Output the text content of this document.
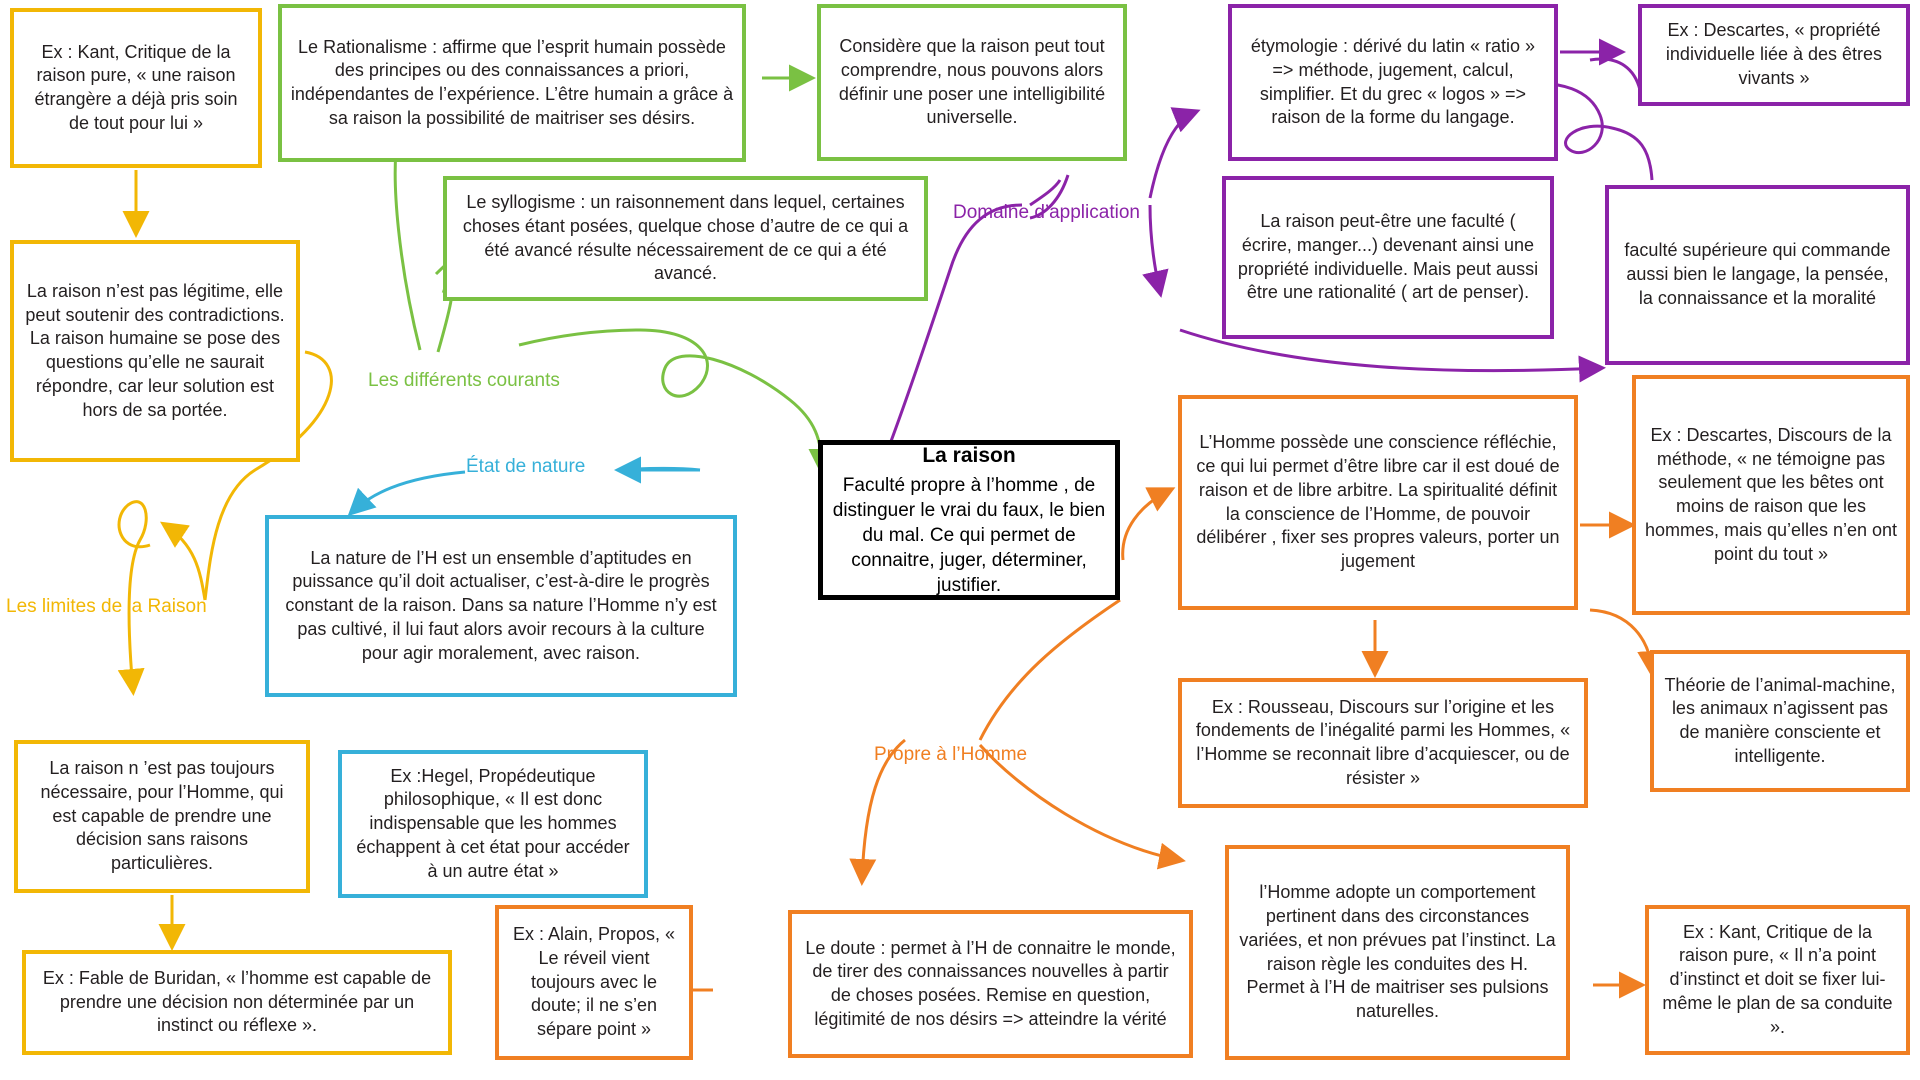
Ex : Kant, Critique de la raison pure, « une raison étrangère a déjà pris soin de tout pour lui »
Le Rationalisme : affirme que l’esprit humain possède des principes ou des connaissances a priori, indépendantes de l’expérience. L’être humain a grâce à sa raison la possibilité de maitriser ses désirs.
Considère que la raison peut tout comprendre, nous pouvons alors définir une poser une intelligibilité universelle.
étymologie : dérivé du latin « ratio » => méthode, jugement, calcul, simplifier. Et du grec « logos » => raison de la forme du langage.
Ex : Descartes, « propriété individuelle liée à des êtres vivants »
La raison n’est pas légitime, elle peut soutenir des contradictions. La raison humaine se pose des questions qu’elle ne saurait répondre, car leur solution est hors de sa portée.
Le syllogisme : un raisonnement dans lequel, certaines choses étant posées, quelque chose d’autre de ce qui a été avancé résulte nécessairement de ce qui a été avancé.
La raison peut-être une faculté ( écrire, manger...) devenant ainsi une propriété individuelle. Mais peut aussi être une rationalité ( art de penser).
faculté supérieure qui commande aussi bien le langage, la pensée, la connaissance et la moralité
L’Homme possède une conscience réfléchie, ce qui lui permet d’être libre car il est doué de raison et de libre arbitre. La spiritualité définit la conscience de l’Homme, de pouvoir délibérer , fixer ses propres valeurs, porter un jugement
Ex : Descartes, Discours de la méthode, « ne témoigne pas seulement que les bêtes ont moins de raison que les hommes, mais qu’elles n’en ont point du tout »
La raison
Faculté propre à l’homme , de distinguer le vrai du faux, le bien du mal. Ce qui permet de connaitre, juger, déterminer, justifier.
La nature de l’H est un ensemble d’aptitudes en puissance qu’il doit actualiser, c’est-à-dire le progrès constant de la raison. Dans sa nature l’Homme n’y est pas cultivé, il lui faut alors avoir recours à la culture pour agir moralement, avec raison.
Ex : Rousseau, Discours sur l’origine et les fondements de l’inégalité parmi les Hommes, « l’Homme se reconnait libre d’acquiescer, ou de résister »
Théorie de l’animal-machine, les animaux n’agissent pas de manière consciente et intelligente.
La raison n ’est pas toujours nécessaire, pour l’Homme, qui est capable de prendre une décision sans raisons particulières.
Ex :Hegel, Propédeutique philosophique, « Il est donc indispensable que les hommes échappent à cet état pour accéder à un autre état »
l’Homme adopte un comportement pertinent dans des circonstances variées, et non prévues pat l’instinct. La raison règle les conduites des H. Permet à l’H de maitriser ses pulsions naturelles.
Ex : Kant, Critique de la raison pure, « Il n’a point d’instinct et doit se fixer lui-même le plan de sa conduite ».
Ex : Fable de Buridan, « l’homme est capable de prendre une décision non déterminée par un instinct ou réflexe ».
Ex : Alain, Propos, « Le réveil vient toujours avec le doute; il ne s’en sépare point »
Le doute : permet à l’H de connaitre le monde, de tirer des connaissances nouvelles à partir de choses posées. Remise en question, légitimité de nos désirs => atteindre la vérité
Les différents courants
État de nature
Les limites de la Raison
Domaine d’application
Propre à l’Homme
